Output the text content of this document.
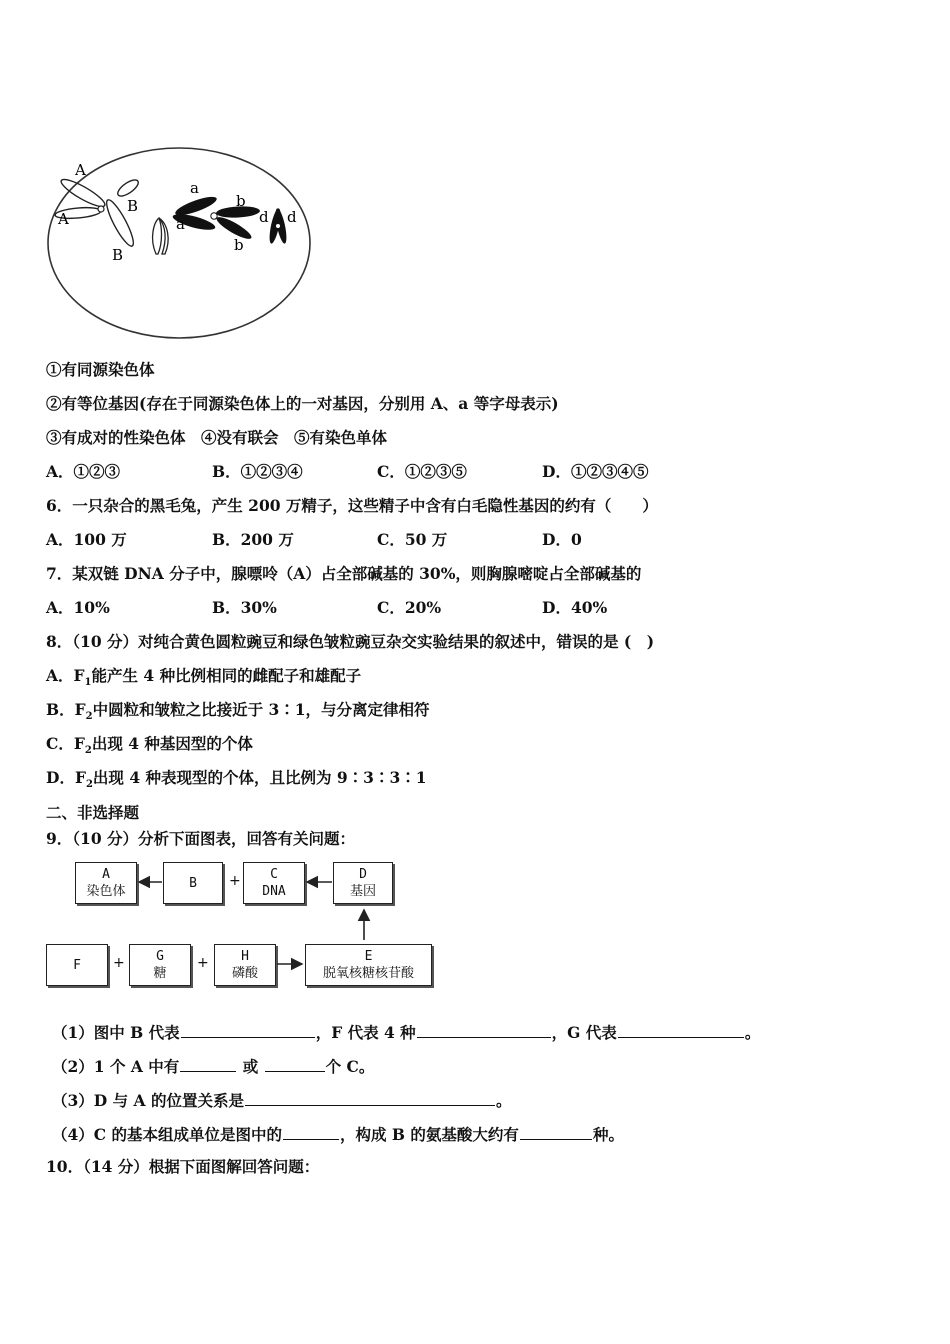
A
A
B
B
a
a
b
b
d d
①有同源染色体
②有等位基因(存在于同源染色体上的一对基因，分别用 A、a 等字母表示)
③有成对的性染色体　④没有联会　⑤有染色单体
A．①②③	B．①②③④	C．①②③⑤	D．①②③④⑤
6．一只杂合的黑毛兔，产生 200 万精子，这些精子中含有白毛隐性基因的约有（　　）
A．100 万	B．200 万	C．50 万	D．0
7．某双链 DNA 分子中，腺嘌呤（A）占全部碱基的 30%，则胸腺嘧啶占全部碱基的
A．10%	B．30%	C．20%	D．40%
8．（10 分）对纯合黄色圆粒豌豆和绿色皱粒豌豆杂交实验结果的叙述中，错误的是 (　)
A．$F_1$能产生 4 种比例相同的雌配子和雄配子
B．$F_2$中圆粒和皱粒之比接近于 3∶1，与分离定律相符
C．$F_2$出现 4 种基因型的个体
D．$F_2$出现 4 种表现型的个体，且比例为 9∶3∶3∶1
二、非选择题
9．（10 分）分析下面图表，回答有关问题：
A
染色体
B
C
DNA
D
基因
F
G
糖
H
磷酸
E
脱氧核糖核苷酸
+
+	+
（1）图中 B 代表	，F 代表 4 种	，G 代表	。
（2）1 个 A 中有	或	个 C。
（3）D 与 A 的位置关系是	。
（4）C 的基本组成单位是图中的	，构成 B 的氨基酸大约有	种。
10．（14 分）根据下面图解回答问题：
